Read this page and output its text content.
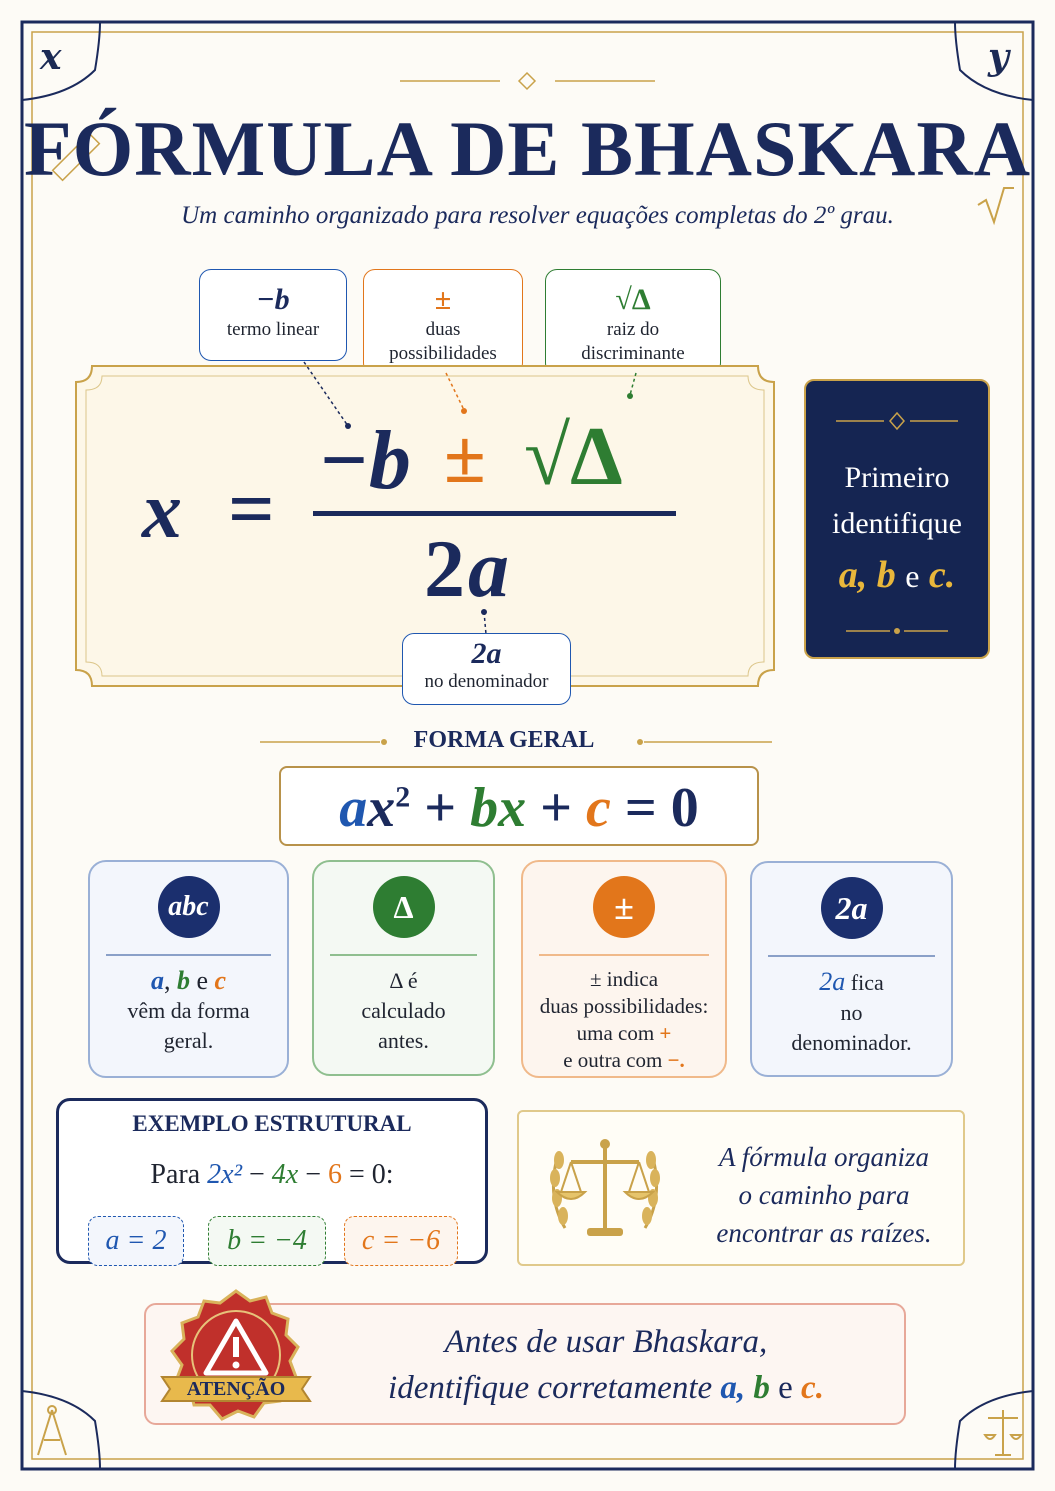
x	y
FÓRMULA DE BHASKARA
Um caminho organizado para resolver equações completas do 2º grau.
−b
termo linear
±
duas possibilidades
√Δ
raiz do discriminante
x =
−b ± √Δ
2 a
2a
no denominador
Primeiro
identifique
a, b e c.
FORMA GERAL
$ax^2$ + bx + c = 0
abc
a, b e c
vêm da forma geral.
Δ
Δ é
calculado
antes.
±
± indica
duas possibilidades:
uma com +
e outra com −.
2a
2a fica
no
denominador.
EXEMPLO ESTRUTURAL
Para 2x² − 4x − 6 = 0:
a = 2	b = −4	c = −6
A fórmula organiza
o caminho para
encontrar as raízes.
Antes de usar Bhaskara,
identifique corretamente a, b e c.
ATENÇÃO
